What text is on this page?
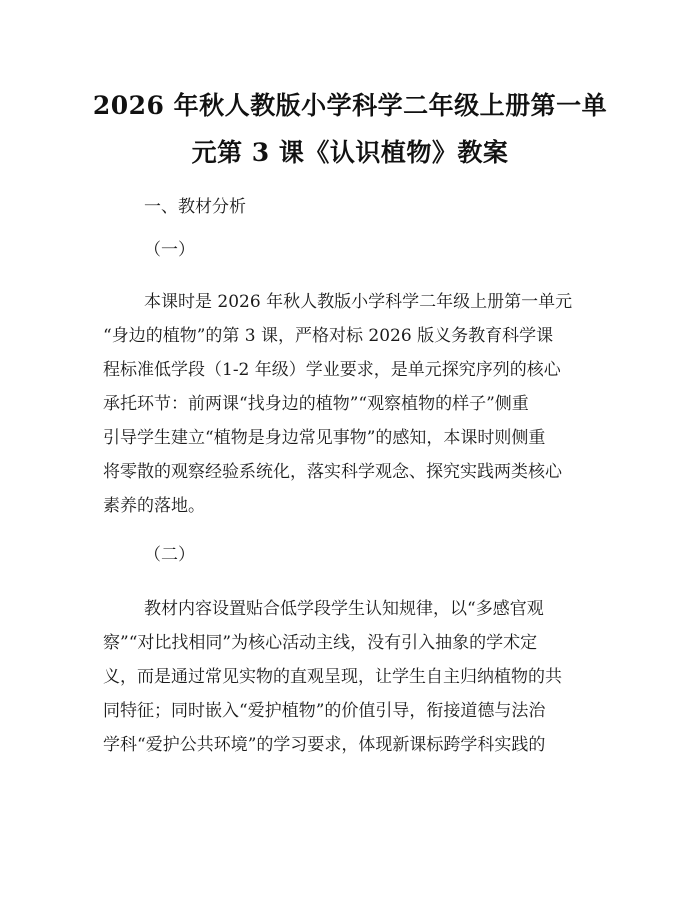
2026 年秋人教版小学科学二年级上册第一单
元第 3 课《认识植物》教案
一、教材分析
（一）
本课时是 2026 年秋人教版小学科学二年级上册第一单元
“身边的植物”的第 3 课，严格对标 2026 版义务教育科学课
程标准低学段（1-2 年级）学业要求，是单元探究序列的核心
承托环节：前两课“找身边的植物”“观察植物的样子”侧重
引导学生建立“植物是身边常见事物”的感知，本课时则侧重
将零散的观察经验系统化，落实科学观念、探究实践两类核心
素养的落地。
（二）
教材内容设置贴合低学段学生认知规律，以“多感官观
察”“对比找相同”为核心活动主线，没有引入抽象的学术定
义，而是通过常见实物的直观呈现，让学生自主归纳植物的共
同特征；同时嵌入“爱护植物”的价值引导，衔接道德与法治
学科“爱护公共环境”的学习要求，体现新课标跨学科实践的
